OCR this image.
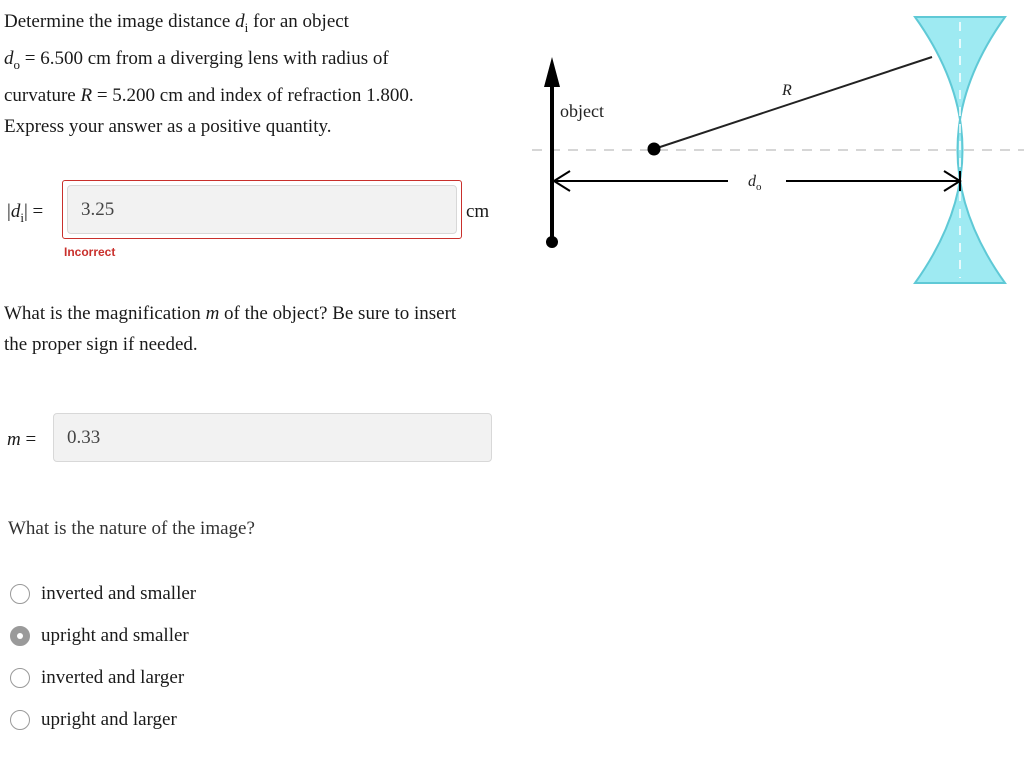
Determine the image distance $d_i$ for an object
$d_o = 6.500$ cm from a diverging lens with radius of
curvature R = 5.200 cm and index of refraction 1.800.
Express your answer as a positive quantity.
$|d_i| = 3.25$	cm
Incorrect
What is the magnification m of the object? Be sure to insert
the proper sign if needed.
m = 0.33
What is the nature of the image?
inverted and smaller
upright and smaller
inverted and larger
upright and larger
object
R
$d_o$
